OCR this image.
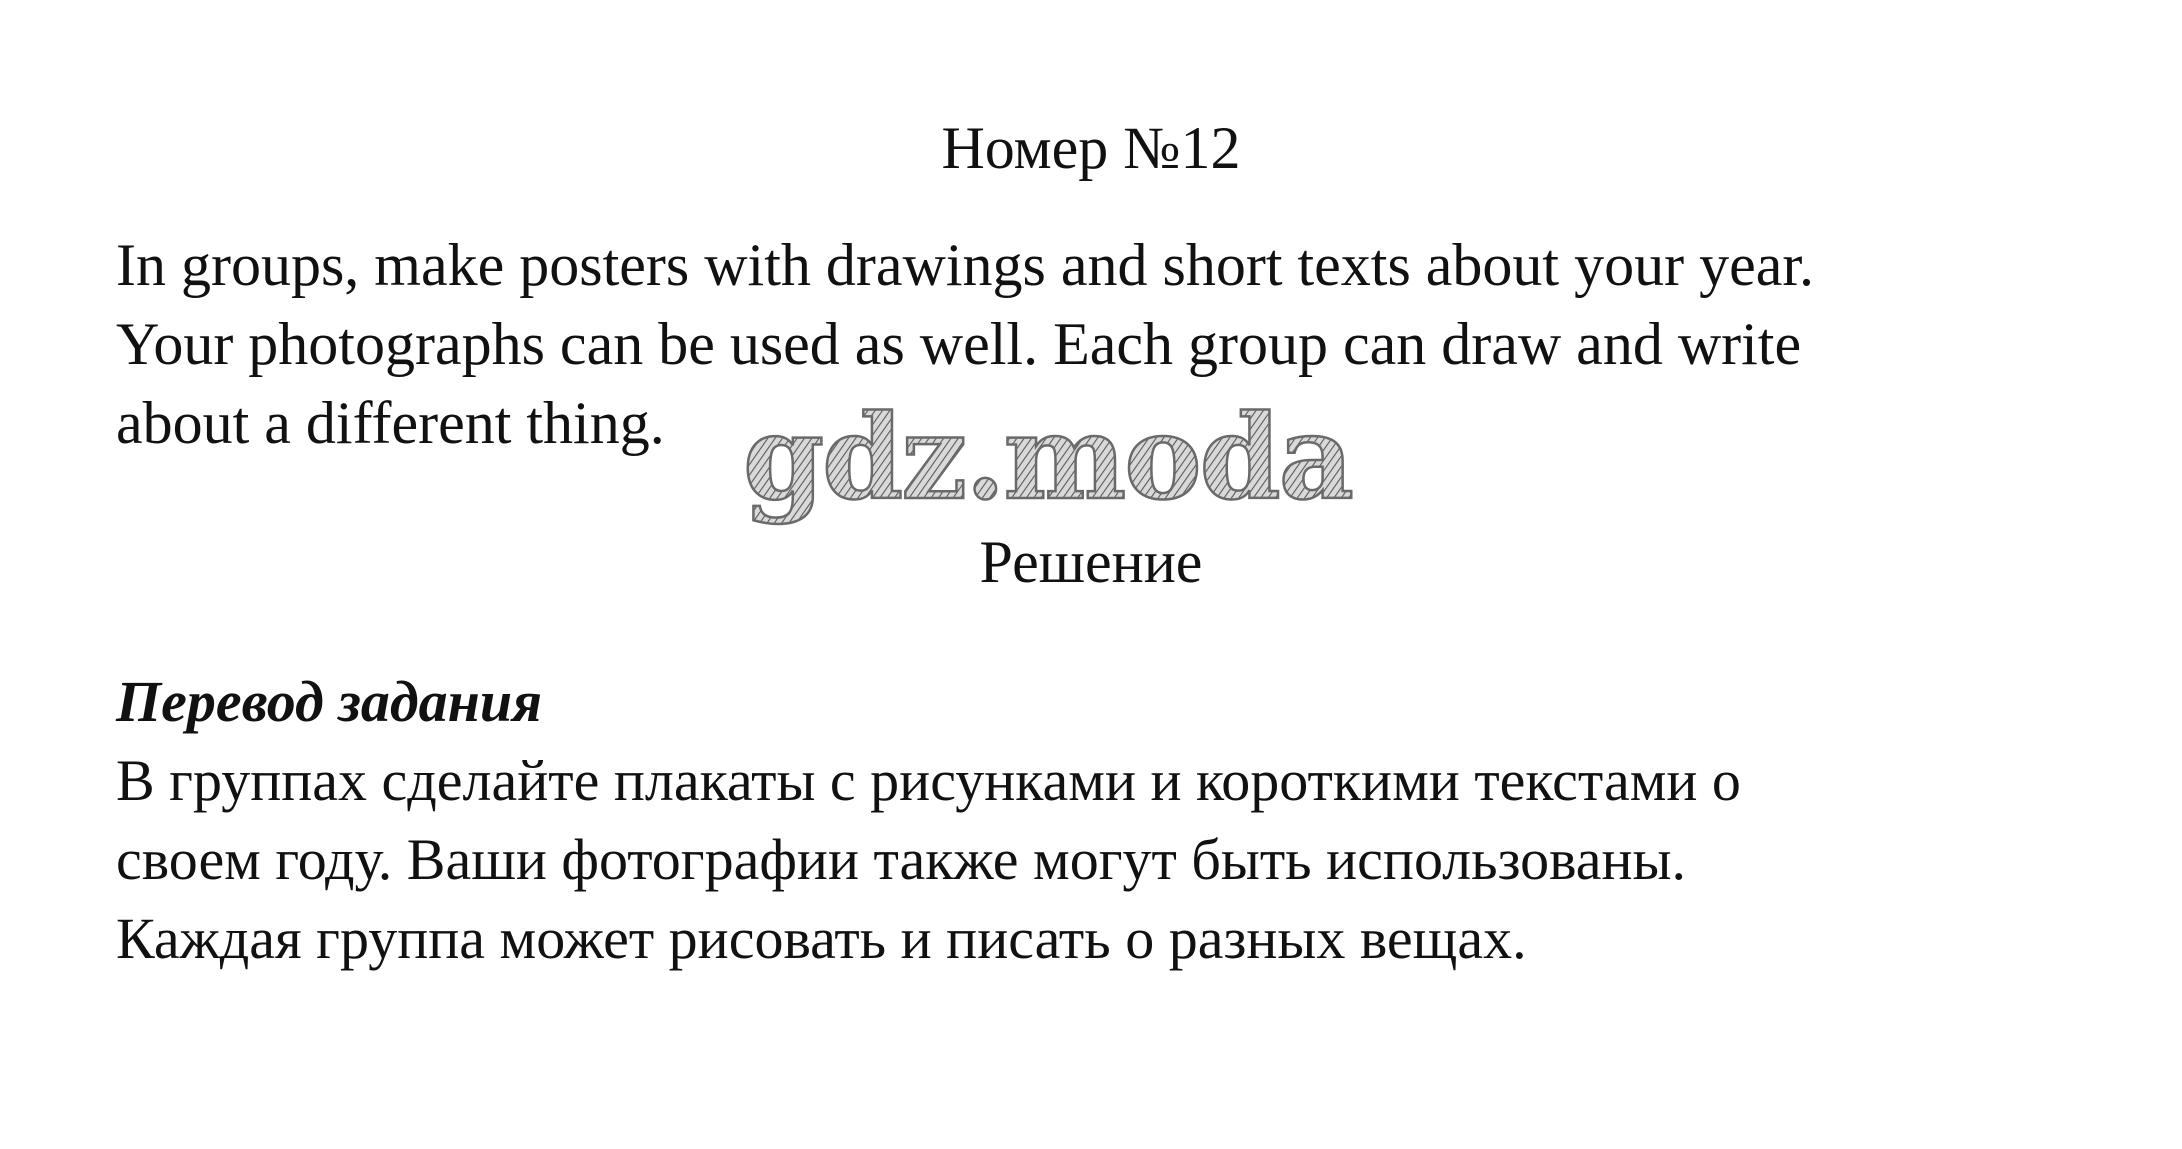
Номер №12
In groups, make posters with drawings and short texts about your year.
Your photographs can be used as well. Each group can draw and write
about a different thing. gdz.moda
Решение
Перевод задания
В группах сделайте плакаты с рисунками и короткими текстами о
своем году. Ваши фотографии также могут быть использованы.
Каждая группа может рисовать и писать о разных вещах.
